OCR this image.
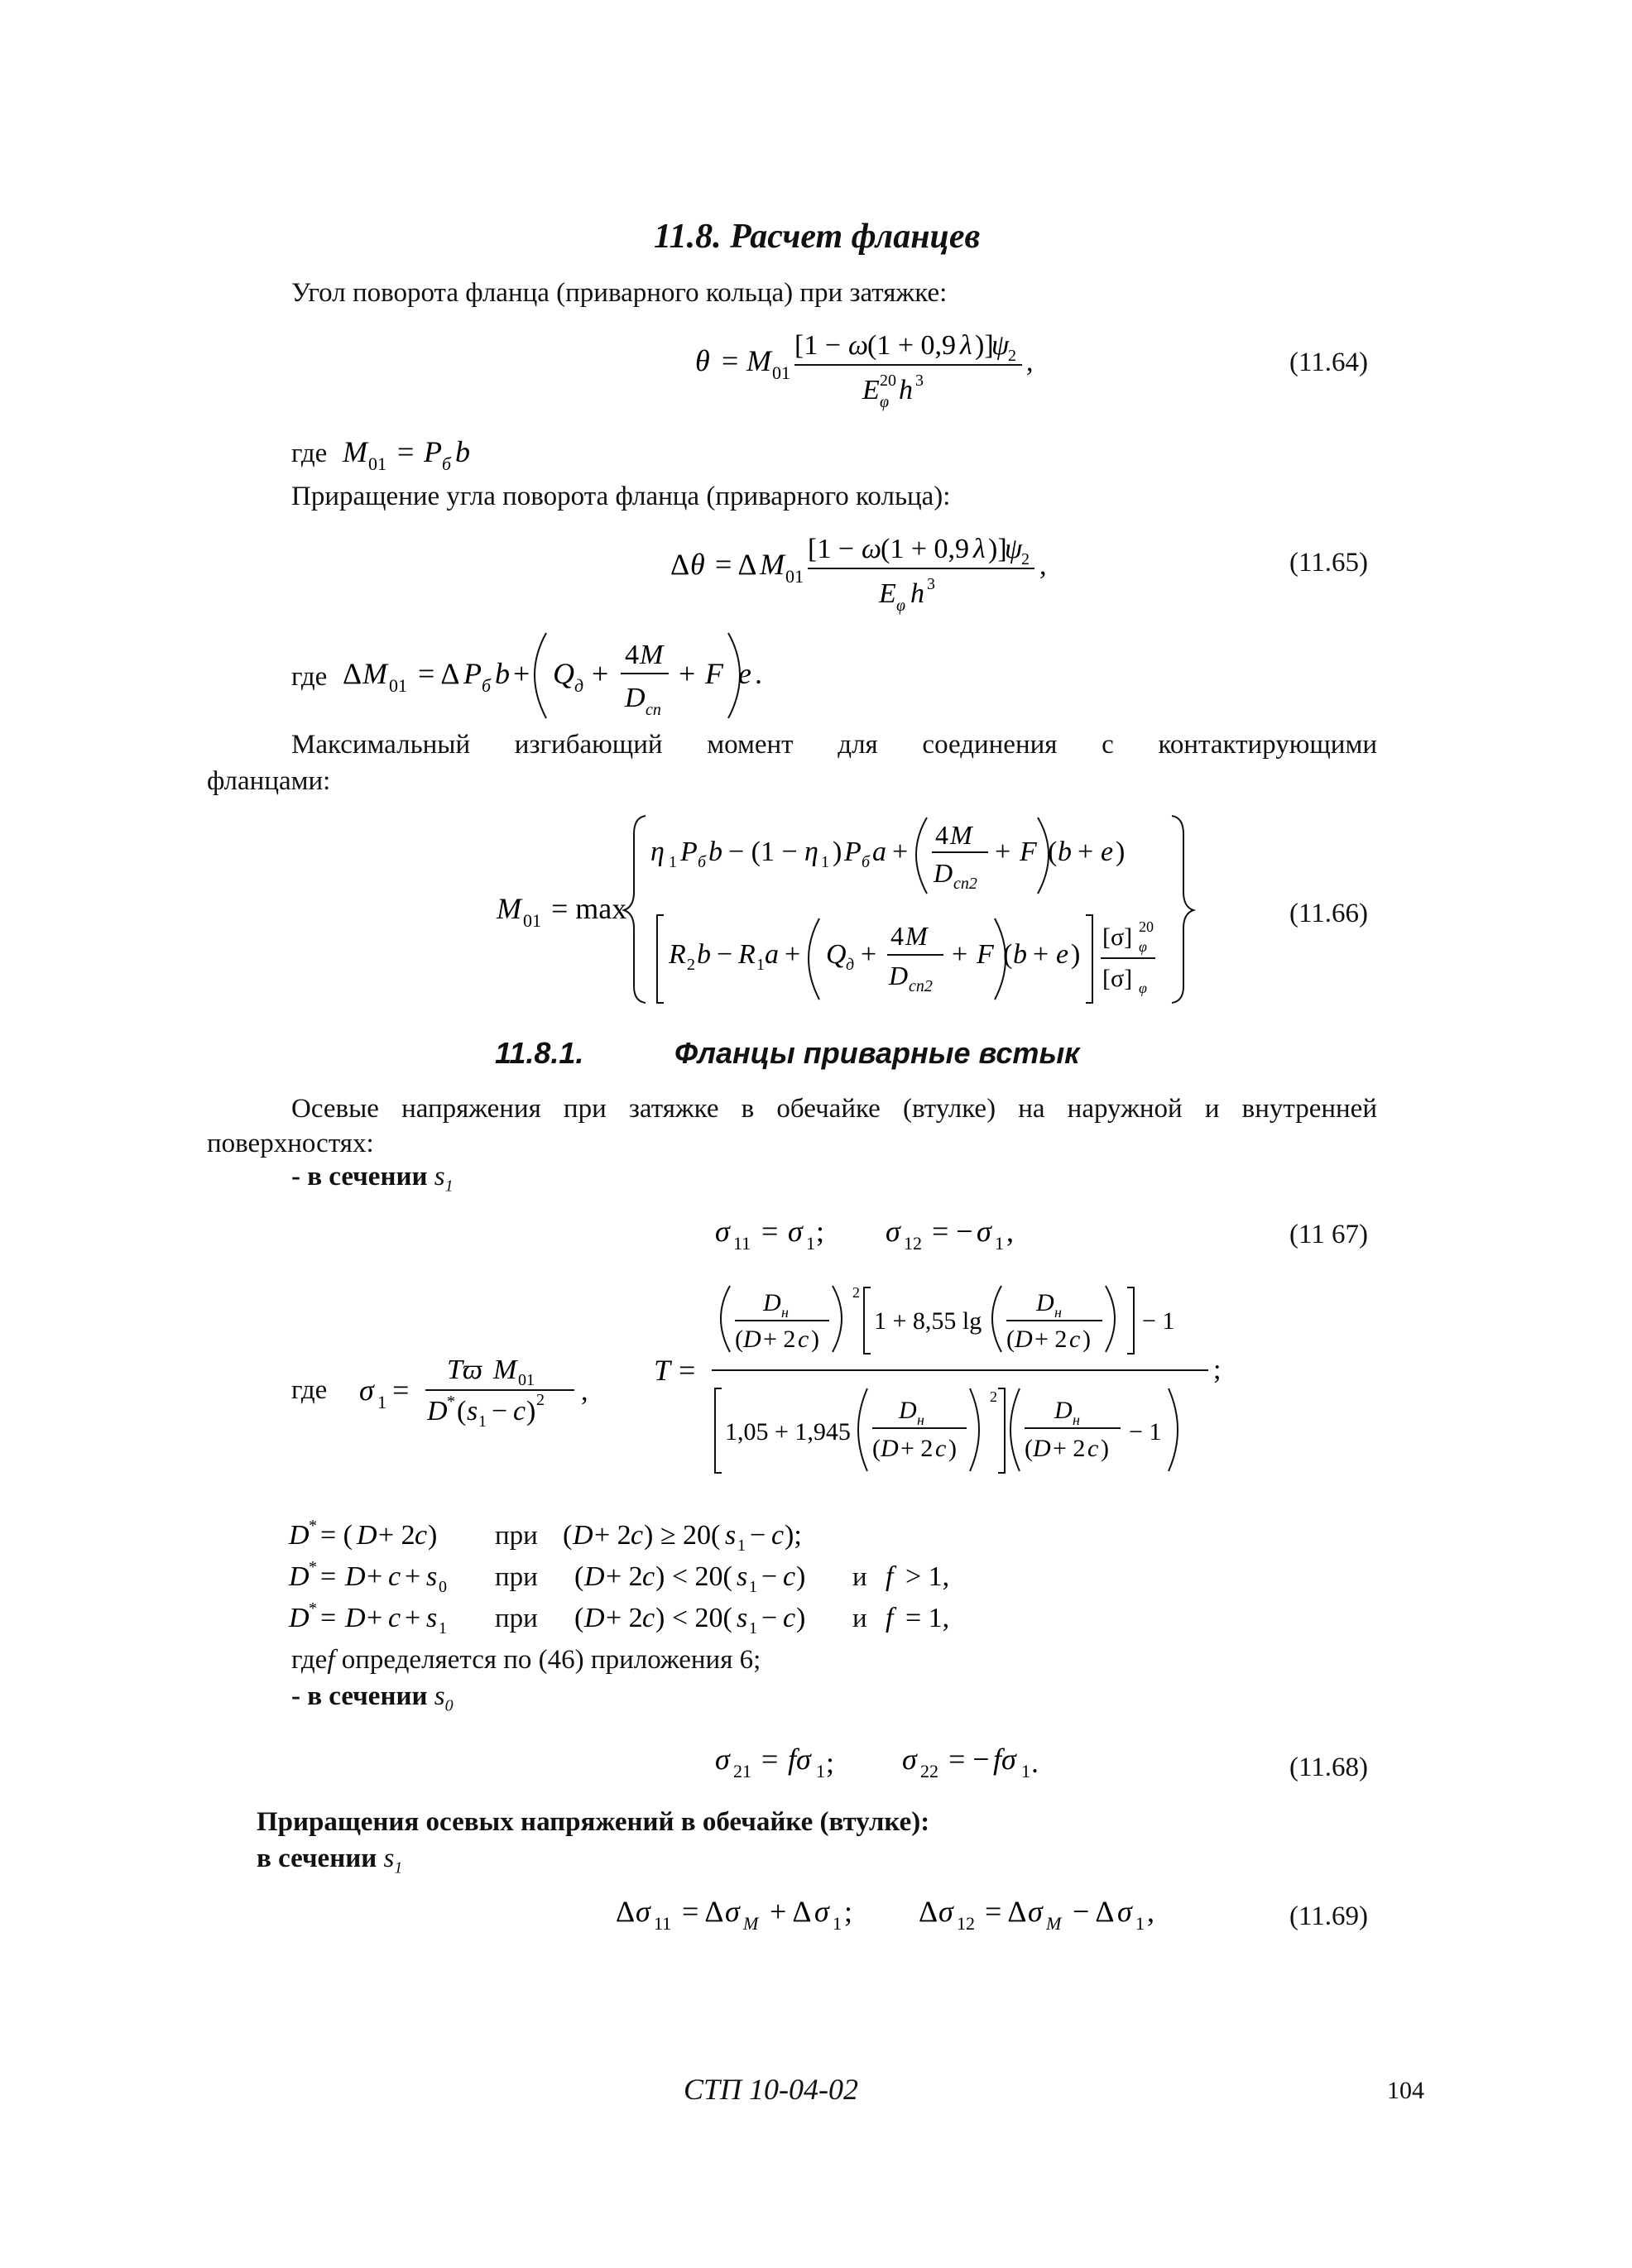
11.8. Расчет фланцев
Угол поворота фланца (приварного кольца) при затяжке:
θ = M 01
[1 − ω
(1 + 0,9 λ )]
ψ
2
E 20
φ h 3
,	(11.64)
где M 01 = P б b
Приращение угла поворота фланца (приварного кольца):
Δ θ = Δ M 01
[1 − ω
(1 + 0,9 λ )]
ψ
2
E φ h 3
,	(11.65)
где Δ M 01 = Δ P б b + Q д +
4 M
D сп
+ F e .
Максимальный изгибающий момент для соединения с контактирующими
фланцами:
M 01 = max
η 1 P б b − (1 − η 1 ) P б a +
4 M
D сп2
+ F ( b + e )
R 2 b − R 1 a + Q д +
4 M
D сп2
+ F ( b + e )
[σ] 20
φ
[σ] φ
(11.66)
11.8.1.	Фланцы приварные встык
Осевые напряжения при затяжке в обечайке (втулке) на наружной и внутренней
поверхностях:
- в сечении $s_1$
σ 11 = σ 1 ; σ 12 = − σ 1 ,	(11 67)
где σ 1 =
Tϖ M 01
D * ( s 1 − c ) 2 ,
T =
D н
( D + 2 c )
2
1 + 8,55 lg
D н
( D + 2 c )
− 1
;
1,05 + 1,945
D н
( D + 2 c )
2 D н
( D + 2 c )
− 1
D * = ( D + 2 c ) при ( D + 2 c ) ≥ 20( s 1 − c );
D * = D + c + s 0 при ( D + 2 c ) < 20( s 1 − c ) и f > 1,
D * = D + c + s 1 при ( D + 2 c ) < 20( s 1 − c ) и f = 1,
гдеf определяется по (46) приложения 6;
- в сечении $s_0$
σ 21 = fσ 1 ; σ 22 = − fσ 1 .	(11.68)
Приращения осевых напряжений в обечайке (втулке):
в сечении $s_1$
Δ σ 11 = Δ σ M + Δ σ 1 ; Δ σ 12 = Δ σ M − Δ σ 1 ,	(11.69)
СТП 10-04-02	104
